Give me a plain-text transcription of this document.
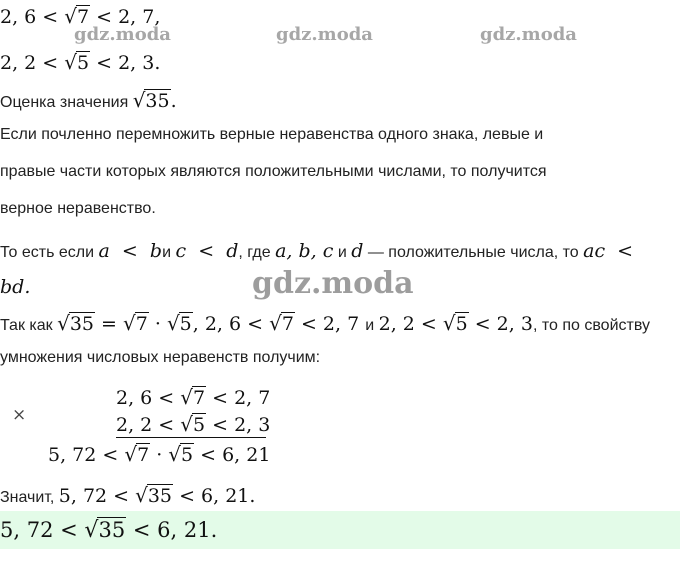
2, 6 < √7 < 2, 7,
gdz.moda	gdz.moda	gdz.moda
2, 2 < √5 < 2, 3.
Оценка значения √35.
Если почленно перемножить верные неравенства одного знака, левые и
правые части которых являются положительными числами, то получится
верное неравенство.
То есть если a  <  bи c  <  d, где a, b, c и d — положительные числа, то ac  <
bd.	gdz.moda
Так как √35 = √7 · √5, 2, 6 < √7 < 2, 7 и 2, 2 < √5 < 2, 3, то по свойству
умножения числовых неравенств получим:
×
2, 6 < √7 < 2, 7
2, 2 < √5 < 2, 3
5, 72 < √7 · √5 < 6, 21
Значит, 5, 72 < √35 < 6, 21.
5, 72 < √35 < 6, 21.
